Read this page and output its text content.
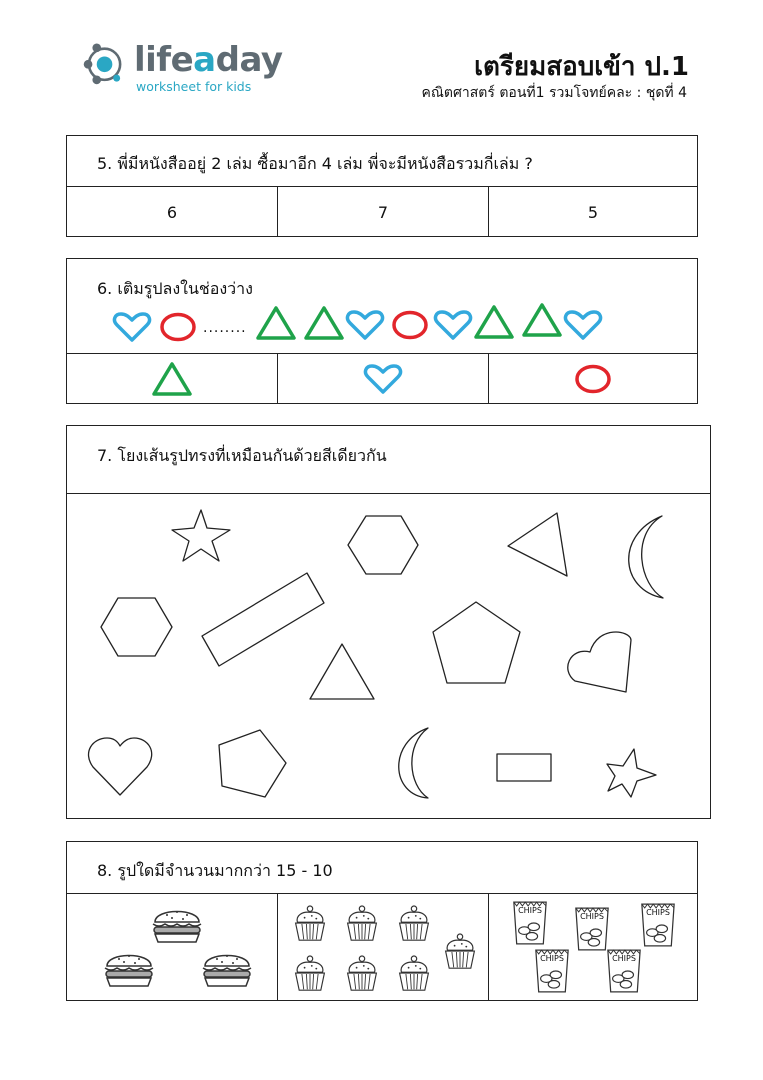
lifeaday
worksheet for kids
เตรียมสอบเข้า ป.1
คณิตศาสตร์ ตอนที่1 รวมโจทย์คละ : ชุดที่ 4
5. พี่มีหนังสืออยู่ 2 เล่ม ซื้อมาอีก 4 เล่ม พี่จะมีหนังสือรวมกี่เล่ม ?
6	7	5
6. เติมรูปลงในช่องว่าง
........
7. โยงเส้นรูปทรงที่เหมือนกันด้วยสีเดียวกัน
8. รูปใดมีจำนวนมากกว่า 15 - 10
CHIPS
CHIPS	CHIPS
CHIPS	CHIPS
